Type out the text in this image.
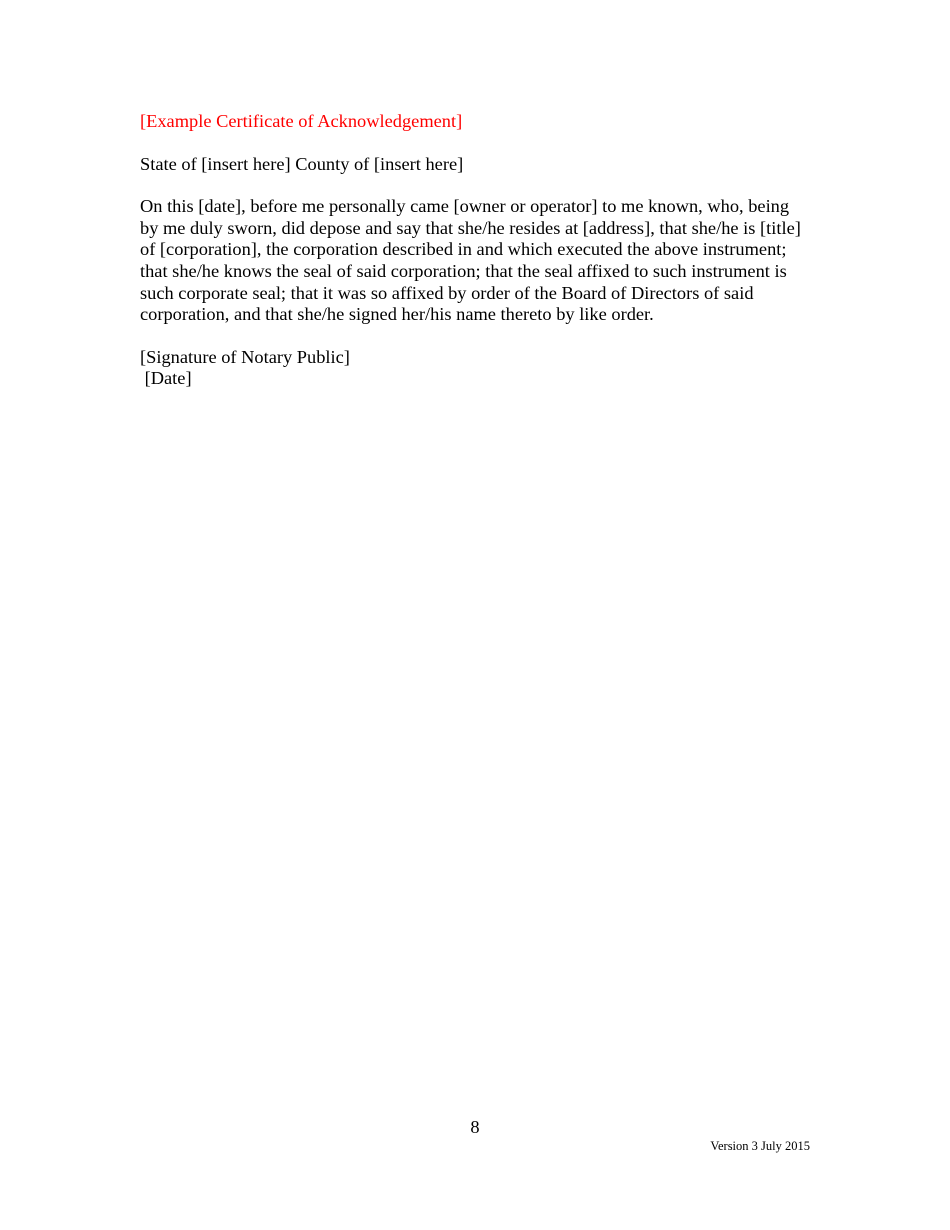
[Example Certificate of Acknowledgement]

State of [insert here] County of [insert here]

On this [date], before me personally came [owner or operator] to me known, who, being
by me duly sworn, did depose and say that she/he resides at [address], that she/he is [title]
of [corporation], the corporation described in and which executed the above instrument;
that she/he knows the seal of said corporation; that the seal affixed to such instrument is
such corporate seal; that it was so affixed by order of the Board of Directors of said
corporation, and that she/he signed her/his name thereto by like order.

[Signature of Notary Public]

[Date]

8
Version 3 July 2015
